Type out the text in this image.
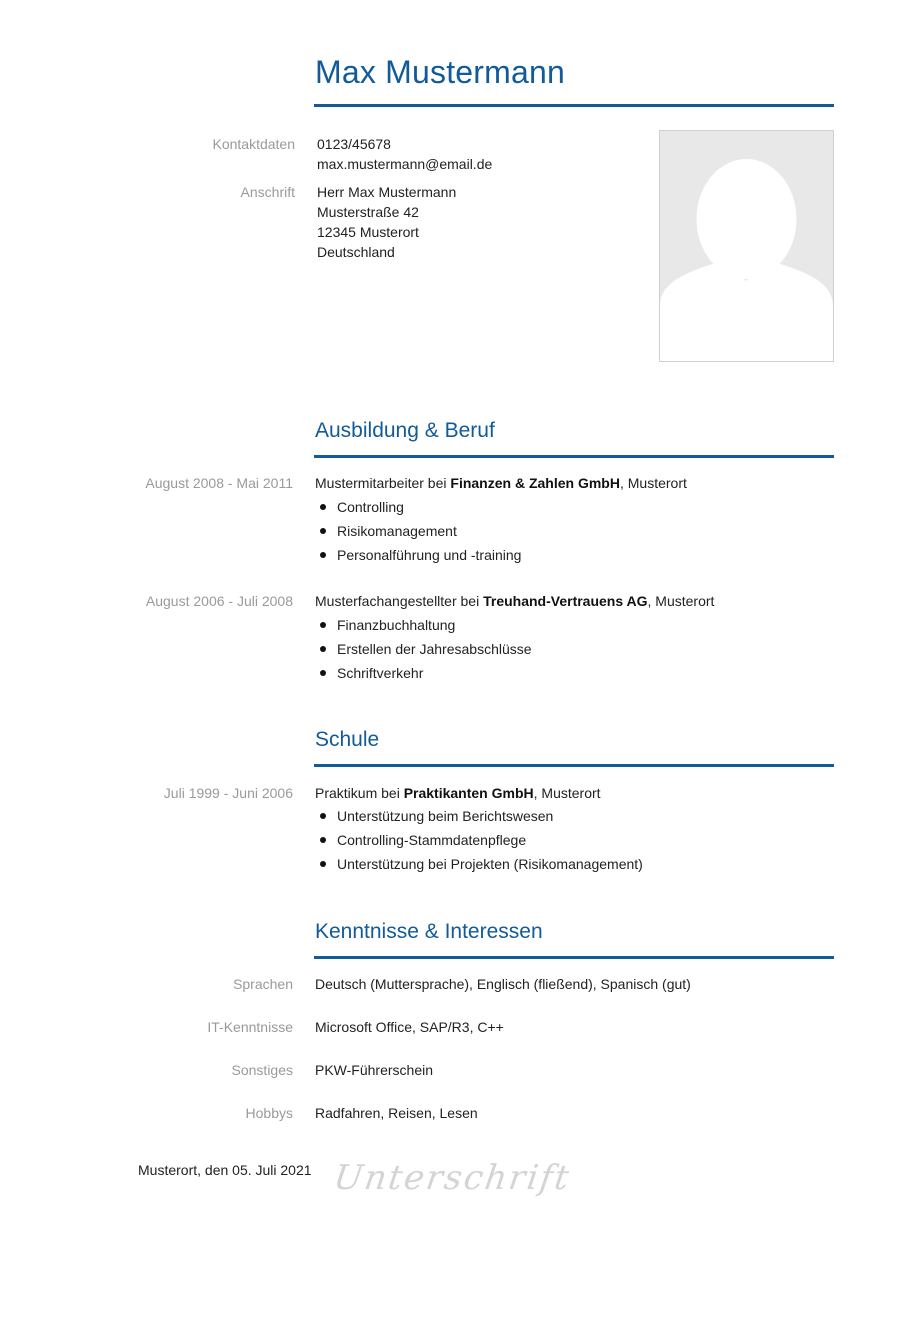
Max Mustermann
Kontaktdaten 0123/45678
max.mustermann@email.de
Anschrift Herr Max Mustermann
Musterstraße 42
12345 Musterort
Deutschland
Ausbildung & Beruf
August 2008 - Mai 2011 Mustermitarbeiter bei Finanzen & Zahlen GmbH, Musterort
Controlling
Risikomanagement
Personalführung und -training
August 2006 - Juli 2008 Musterfachangestellter bei Treuhand-Vertrauens AG, Musterort
Finanzbuchhaltung
Erstellen der Jahresabschlüsse
Schriftverkehr
Schule
Juli 1999 - Juni 2006 Praktikum bei Praktikanten GmbH, Musterort
Unterstützung beim Berichtswesen
Controlling-Stammdatenpflege
Unterstützung bei Projekten (Risikomanagement)
Kenntnisse & Interessen
Sprachen Deutsch (Muttersprache), Englisch (fließend), Spanisch (gut)
IT-Kenntnisse Microsoft Office, SAP/R3, C++
Sonstiges PKW-Führerschein
Hobbys Radfahren, Reisen, Lesen
Musterort, den 05. Juli 2021 Unterschrift
